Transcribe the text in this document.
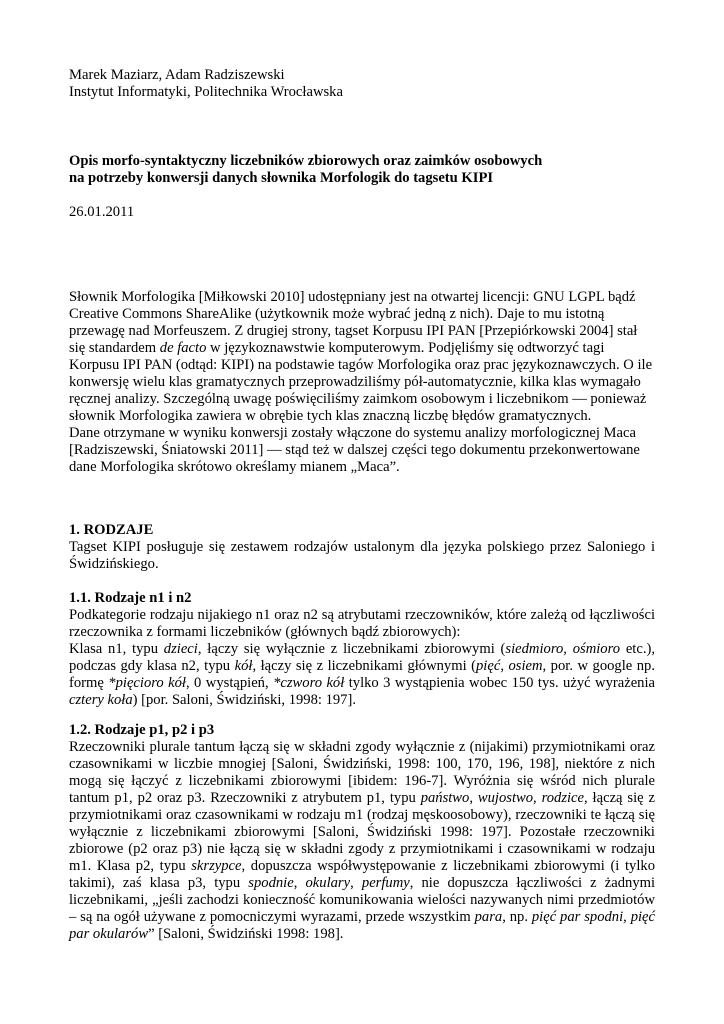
Marek Maziarz, Adam Radziszewski
Instytut Informatyki, Politechnika Wrocławska
Opis morfo-syntaktyczny liczebników zbiorowych oraz zaimków osobowych
na potrzeby konwersji danych słownika Morfologik do tagsetu KIPI
26.01.2011
Słownik Morfologika [Miłkowski 2010] udostępniany jest na otwartej licencji: GNU LGPL bądź
Creative Commons ShareAlike (użytkownik może wybrać jedną z nich). Daje to mu istotną
przewagę nad Morfeuszem. Z drugiej strony, tagset Korpusu IPI PAN [Przepiórkowski 2004] stał
się standardem de facto w językoznawstwie komputerowym. Podjęliśmy się odtworzyć tagi
Korpusu IPI PAN (odtąd: KIPI) na podstawie tagów Morfologika oraz prac językoznawczych. O ile
konwersję wielu klas gramatycznych przeprowadziliśmy pół-automatycznie, kilka klas wymagało
ręcznej analizy. Szczególną uwagę poświęciliśmy zaimkom osobowym i liczebnikom — ponieważ
słownik Morfologika zawiera w obrębie tych klas znaczną liczbę błędów gramatycznych.
Dane otrzymane w wyniku konwersji zostały włączone do systemu analizy morfologicznej Maca
[Radziszewski, Śniatowski 2011] — stąd też w dalszej części tego dokumentu przekonwertowane
dane Morfologika skrótowo określamy mianem „Maca”.
1. RODZAJE
Tagset KIPI posługuje się zestawem rodzajów ustalonym dla języka polskiego przez Saloniego i Świdzińskiego.
1.1. Rodzaje n1 i n2

Podkategorie rodzaju nijakiego n1 oraz n2 są atrybutami rzeczowników, które zależą od łączliwości rzeczownika z formami liczebników (głównych bądź zbiorowych):

Klasa n1, typu dzieci, łączy się wyłącznie z liczebnikami zbiorowymi (siedmioro, ośmioro etc.), podczas gdy klasa n2, typu kół, łączy się z liczebnikami głównymi (pięć, osiem, por. w google np. formę *pięcioro kół, 0 wystąpień, *czworo kół tylko 3 wystąpienia wobec 150 tys. użyć wyrażenia cztery koła) [por. Saloni, Świdziński, 1998: 197].

1.2. Rodzaje p1, p2 i p3
Rzeczowniki plurale tantum łączą się w składni zgody wyłącznie z (nijakimi) przymiotnikami oraz czasownikami w liczbie mnogiej [Saloni, Świdziński, 1998: 100, 170, 196, 198], niektóre z nich mogą się łączyć z liczebnikami zbiorowymi [ibidem: 196-7]. Wyróżnia się wśród nich plurale tantum p1, p2 oraz p3. Rzeczowniki z atrybutem p1, typu państwo, wujostwo, rodzice, łączą się z przymiotnikami oraz czasownikami w rodzaju m1 (rodzaj męskoosobowy), rzeczowniki te łączą się wyłącznie z liczebnikami zbiorowymi [Saloni, Świdziński 1998: 197]. Pozostałe rzeczowniki zbiorowe (p2 oraz p3) nie łączą się w składni zgody z przymiotnikami i czasownikami w rodzaju m1. Klasa p2, typu skrzypce, dopuszcza współwystępowanie z liczebnikami zbiorowymi (i tylko takimi), zaś klasa p3, typu spodnie, okulary, perfumy, nie dopuszcza łączliwości z żadnymi liczebnikami, „jeśli zachodzi konieczność komunikowania wielości nazywanych nimi przedmiotów – są na ogół używane z pomocniczymi wyrazami, przede wszystkim para, np. pięć par spodni, pięć par okularów” [Saloni, Świdziński 1998: 198].
